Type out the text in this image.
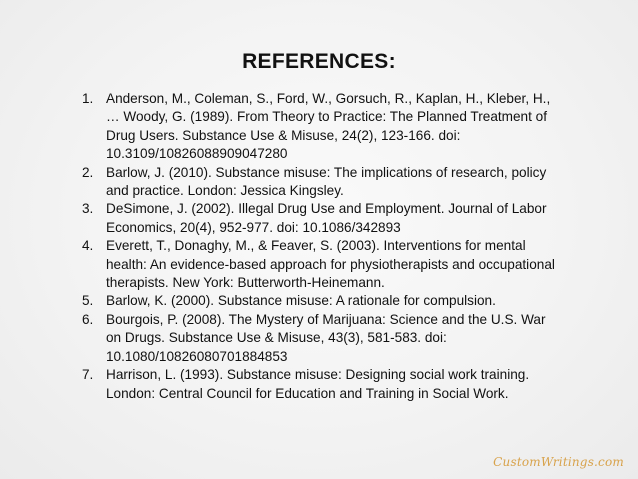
REFERENCES:
1. Anderson, M., Coleman, S., Ford, W., Gorsuch, R., Kaplan, H., Kleber, H., … Woody, G. (1989). From Theory to Practice: The Planned Treatment of Drug Users. Substance Use & Misuse, 24(2), 123-166. doi: 10.3109/10826088909047280
2. Barlow, J. (2010). Substance misuse: The implications of research, policy and practice. London: Jessica Kingsley.
3. DeSimone, J. (2002). Illegal Drug Use and Employment. Journal of Labor Economics, 20(4), 952-977. doi: 10.1086/342893
4. Everett, T., Donaghy, M., & Feaver, S. (2003). Interventions for mental health: An evidence-based approach for physiotherapists and occupational therapists. New York: Butterworth-Heinemann.
5. Barlow, K. (2000). Substance misuse: A rationale for compulsion.
6. Bourgois, P. (2008). The Mystery of Marijuana: Science and the U.S. War on Drugs. Substance Use & Misuse, 43(3), 581-583. doi: 10.1080/10826080701884853
7. Harrison, L. (1993). Substance misuse: Designing social work training. London: Central Council for Education and Training in Social Work.
CustomWritings.com
